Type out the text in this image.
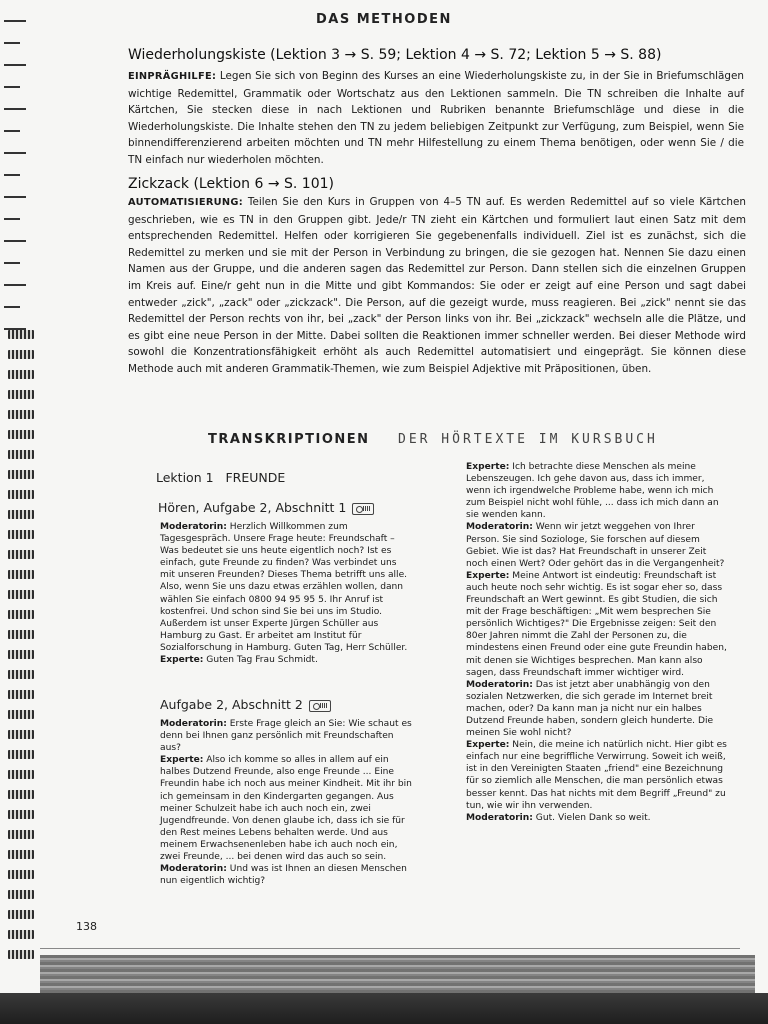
DAS METHODEN
Wiederholungskiste (Lektion 3 → S. 59; Lektion 4 → S. 72; Lektion 5 → S. 88)

EINPRÄGHILFE: Legen Sie sich von Beginn des Kurses an eine Wiederholungskiste zu, in der Sie in Briefumschlägen wichtige Redemittel, Grammatik oder Wortschatz aus den Lektionen sammeln. Die TN schreiben die Inhalte auf Kärtchen, Sie stecken diese in nach Lektionen und Rubriken benannte Briefumschläge und diese in die Wiederholungskiste. Die Inhalte stehen den TN zu jedem beliebigen Zeitpunkt zur Verfügung, zum Beispiel, wenn Sie binnendifferenzierend arbeiten möchten und TN mehr Hilfestellung zu einem Thema benötigen, oder wenn Sie / die TN einfach nur wiederholen möchten.

Zickzack (Lektion 6 → S. 101)

AUTOMATISIERUNG: Teilen Sie den Kurs in Gruppen von 4–5 TN auf. Es werden Redemittel auf so viele Kärtchen geschrieben, wie es TN in den Gruppen gibt. Jede/r TN zieht ein Kärtchen und formuliert laut einen Satz mit dem entsprechenden Redemittel. Helfen oder korrigieren Sie gegebenenfalls individuell. Ziel ist es zunächst, sich die Redemittel zu merken und sie mit der Person in Verbindung zu bringen, die sie gezogen hat. Nennen Sie dazu einen Namen aus der Gruppe, und die anderen sagen das Redemittel zur Person. Dann stellen sich die einzelnen Gruppen im Kreis auf. Eine/r geht nun in die Mitte und gibt Kommandos: Sie oder er zeigt auf eine Person und sagt dabei entweder „zick", „zack" oder „zickzack". Die Person, auf die gezeigt wurde, muss reagieren. Bei „zick" nennt sie das Redemittel der Person rechts von ihr, bei „zack" der Person links von ihr. Bei „zickzack" wechseln alle die Plätze, und es gibt eine neue Person in der Mitte. Dabei sollten die Reaktionen immer schneller werden. Bei dieser Methode wird sowohl die Konzentrationsfähigkeit erhöht als auch Redemittel automatisiert und eingeprägt. Sie können diese Methode auch mit anderen Grammatik-Themen, wie zum Beispiel Adjektive mit Präpositionen, üben.

TRANSKRIPTIONEN DER HÖRTEXTE IM KURSBUCH
Lektion 1 FREUNDE
Hören, Aufgabe 2, Abschnitt 1

Moderatorin: Herzlich Willkommen zum Tagesgespräch. Unsere Frage heute: Freundschaft – Was bedeutet sie uns heute eigentlich noch? Ist es einfach, gute Freunde zu finden? Was verbindet uns mit unseren Freunden? Dieses Thema betrifft uns alle. Also, wenn Sie uns dazu etwas erzählen wollen, dann wählen Sie einfach 0800 94 95 95 5. Ihr Anruf ist kostenfrei. Und schon sind Sie bei uns im Studio. Außerdem ist unser Experte Jürgen Schüller aus Hamburg zu Gast. Er arbeitet am Institut für Sozialforschung in Hamburg. Guten Tag, Herr Schüller.

Experte: Guten Tag Frau Schmidt.

Aufgabe 2, Abschnitt 2

Moderatorin: Erste Frage gleich an Sie: Wie schaut es denn bei Ihnen ganz persönlich mit Freundschaften aus?

Experte: Also ich komme so alles in allem auf ein halbes Dutzend Freunde, also enge Freunde ... Eine Freundin habe ich noch aus meiner Kindheit. Mit ihr bin ich gemeinsam in den Kindergarten gegangen. Aus meiner Schulzeit habe ich auch noch ein, zwei Jugendfreunde. Von denen glaube ich, dass ich sie für den Rest meines Lebens behalten werde. Und aus meinem Erwachsenenleben habe ich auch noch ein, zwei Freunde, ... bei denen wird das auch so sein.

Moderatorin: Und was ist Ihnen an diesen Menschen nun eigentlich wichtig?

Experte: Ich betrachte diese Menschen als meine Lebenszeugen. Ich gehe davon aus, dass ich immer, wenn ich irgendwelche Probleme habe, wenn ich mich zum Beispiel nicht wohl fühle, ... dass ich mich dann an sie wenden kann.

Moderatorin: Wenn wir jetzt weggehen von Ihrer Person. Sie sind Soziologe, Sie forschen auf diesem Gebiet. Wie ist das? Hat Freundschaft in unserer Zeit noch einen Wert? Oder gehört das in die Vergangenheit?

Experte: Meine Antwort ist eindeutig: Freundschaft ist auch heute noch sehr wichtig. Es ist sogar eher so, dass Freundschaft an Wert gewinnt. Es gibt Studien, die sich mit der Frage beschäftigen: „Mit wem besprechen Sie persönlich Wichtiges?" Die Ergebnisse zeigen: Seit den 80er Jahren nimmt die Zahl der Personen zu, die mindestens einen Freund oder eine gute Freundin haben, mit denen sie Wichtiges besprechen. Man kann also sagen, dass Freundschaft immer wichtiger wird.

Moderatorin: Das ist jetzt aber unabhängig von den sozialen Netzwerken, die sich gerade im Internet breit machen, oder? Da kann man ja nicht nur ein halbes Dutzend Freunde haben, sondern gleich hunderte. Die meinen Sie wohl nicht?

Experte: Nein, die meine ich natürlich nicht. Hier gibt es einfach nur eine begriffliche Verwirrung. Soweit ich weiß, ist in den Vereinigten Staaten „friend" eine Bezeichnung für so ziemlich alle Menschen, die man persönlich etwas besser kennt. Das hat nichts mit dem Begriff „Freund" zu tun, wie wir ihn verwenden.

Moderatorin: Gut. Vielen Dank so weit.

138
